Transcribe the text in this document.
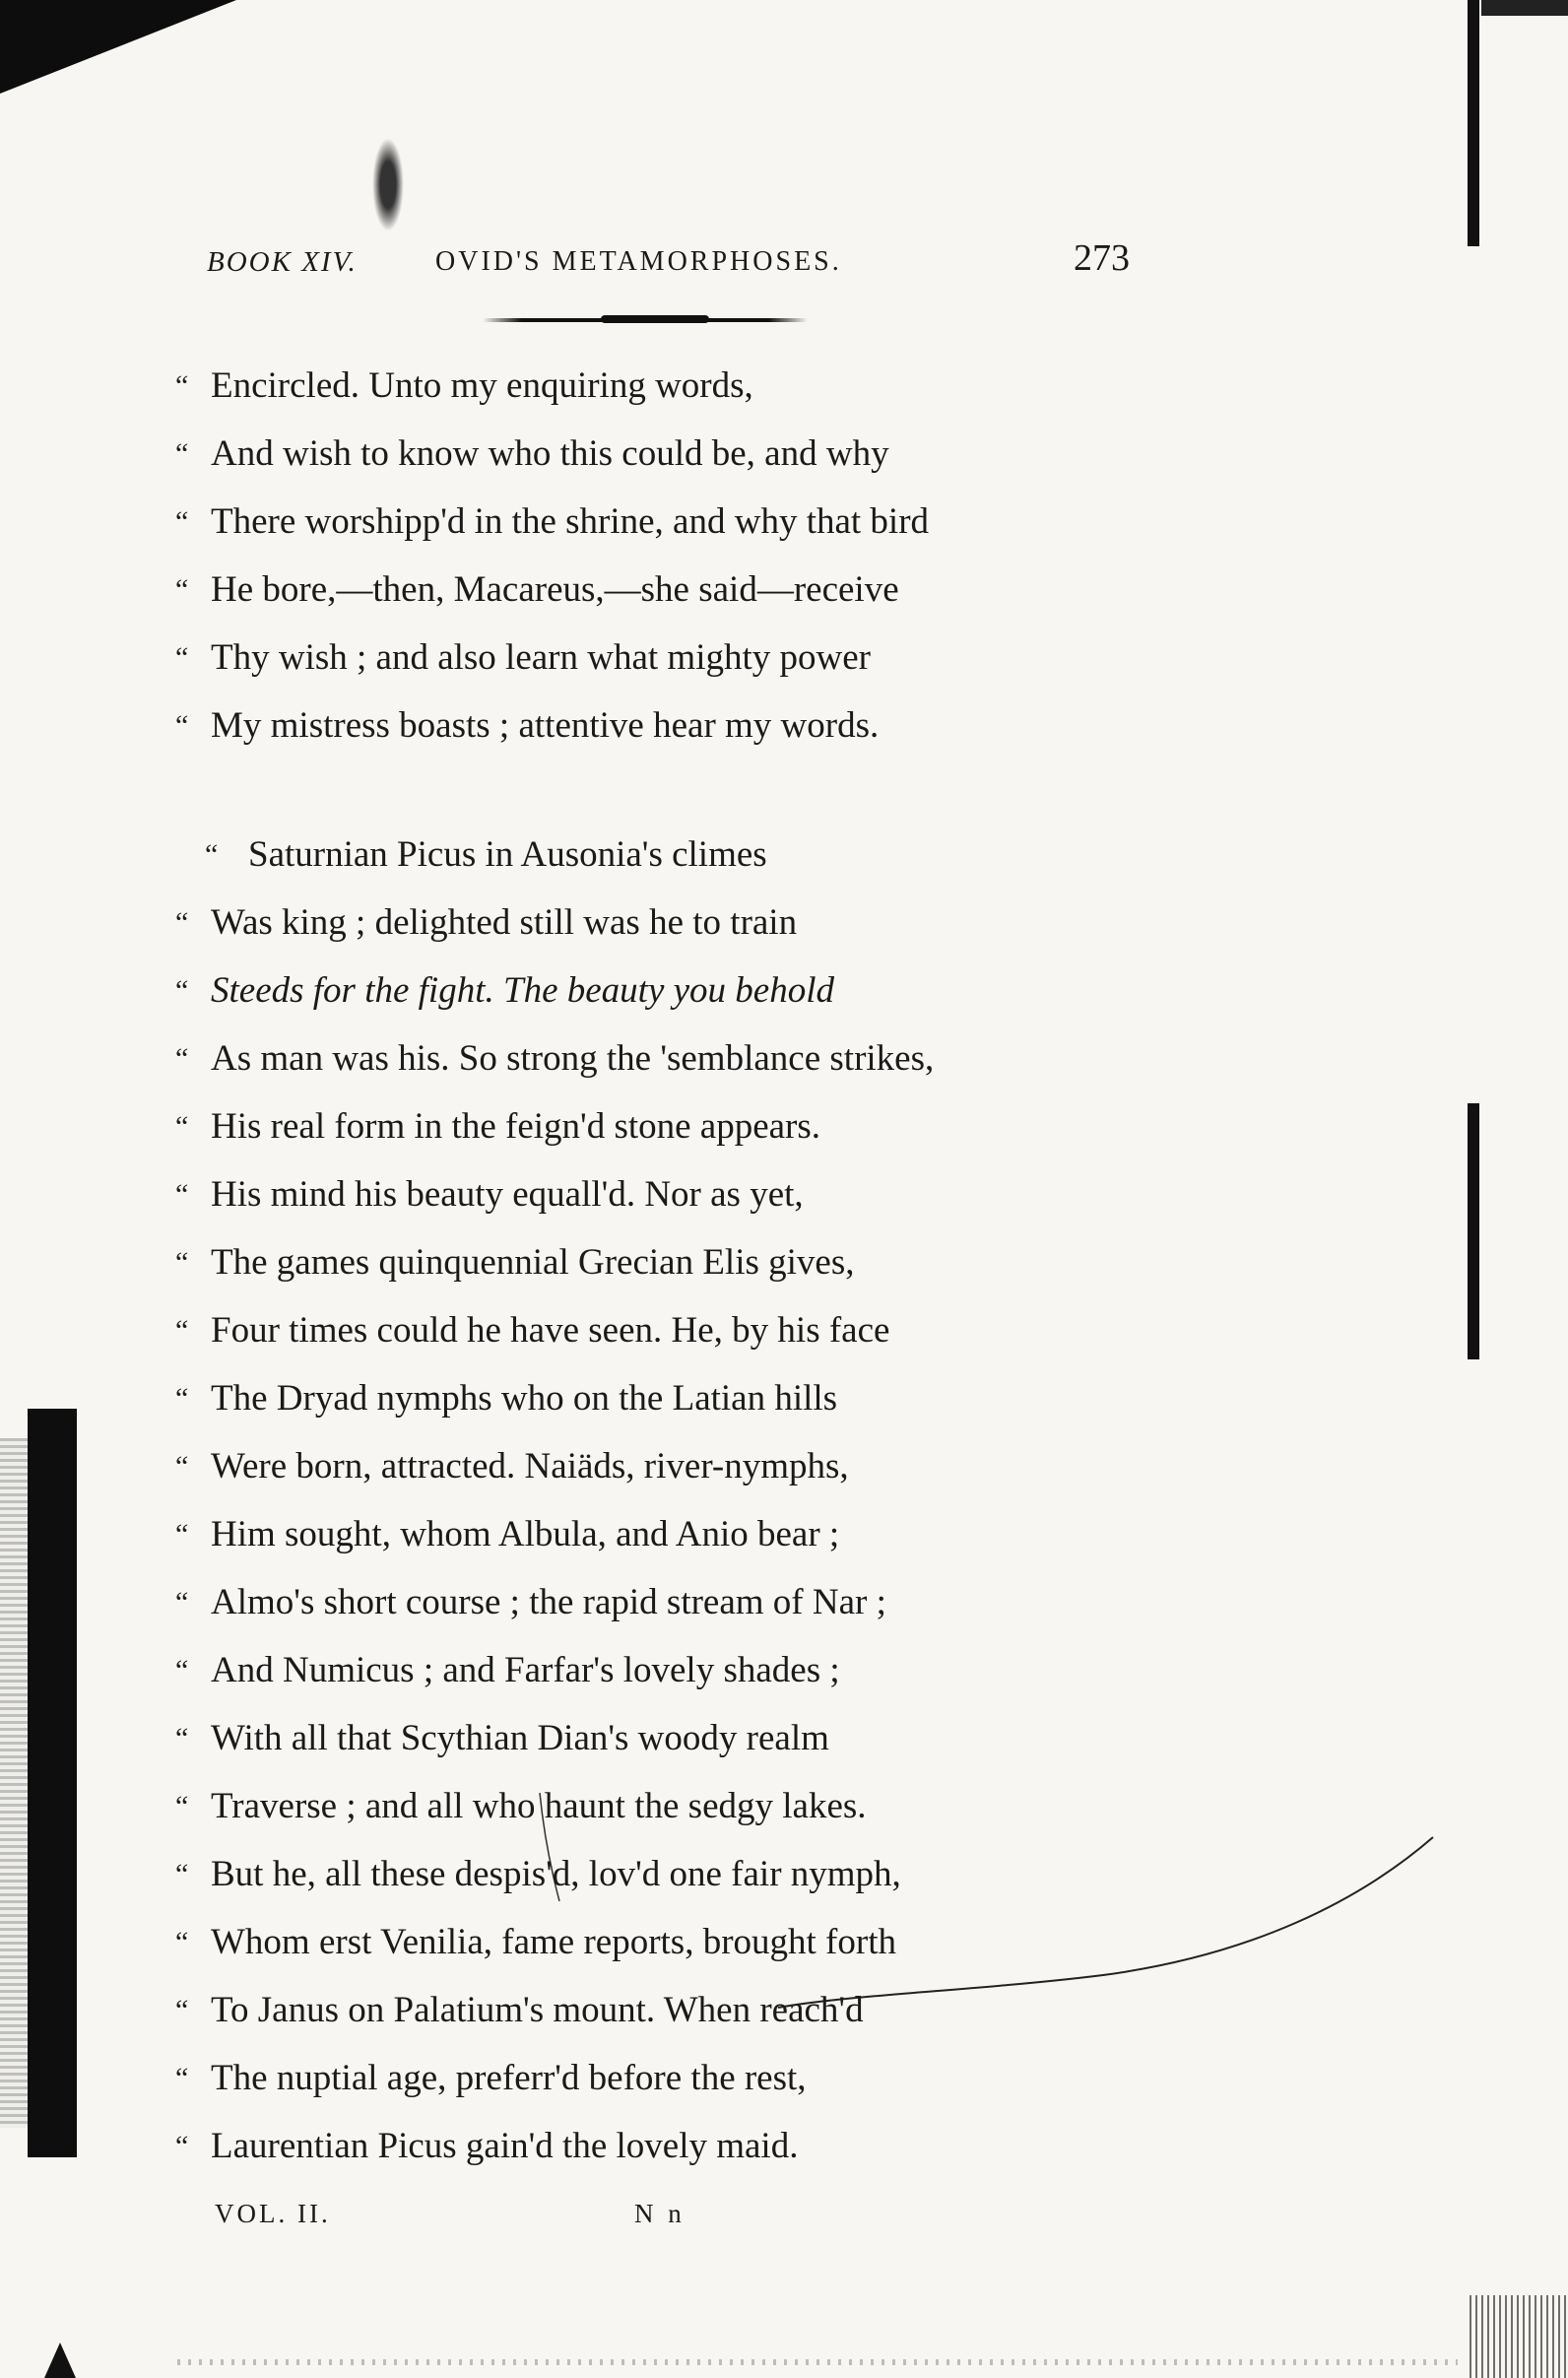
BOOK XIV.	OVID'S METAMORPHOSES.	273
“ Encircled. Unto my enquiring words,
“ And wish to know who this could be, and why
“ There worshipp'd in the shrine, and why that bird
“ He bore,—then, Macareus,—she said—receive
“ Thy wish ; and also learn what mighty power
“ My mistress boasts ; attentive hear my words.
“ Saturnian Picus in Ausonia's climes
“ Was king ; delighted still was he to train
“ Steeds for the fight. The beauty you behold
“ As man was his. So strong the 'semblance strikes,
“ His real form in the feign'd stone appears.
“ His mind his beauty equall'd. Nor as yet,
“ The games quinquennial Grecian Elis gives,
“ Four times could he have seen. He, by his face
“ The Dryad nymphs who on the Latian hills
“ Were born, attracted. Naiäds, river-nymphs,
“ Him sought, whom Albula, and Anio bear ;
“ Almo's short course ; the rapid stream of Nar ;
“ And Numicus ; and Farfar's lovely shades ;
“ With all that Scythian Dian's woody realm
“ Traverse ; and all who haunt the sedgy lakes.
“ But he, all these despis'd, lov'd one fair nymph,
“ Whom erst Venilia, fame reports, brought forth
“ To Janus on Palatium's mount. When reach'd
“ The nuptial age, preferr'd before the rest,
“ Laurentian Picus gain'd the lovely maid.
VOL. II.	N n
